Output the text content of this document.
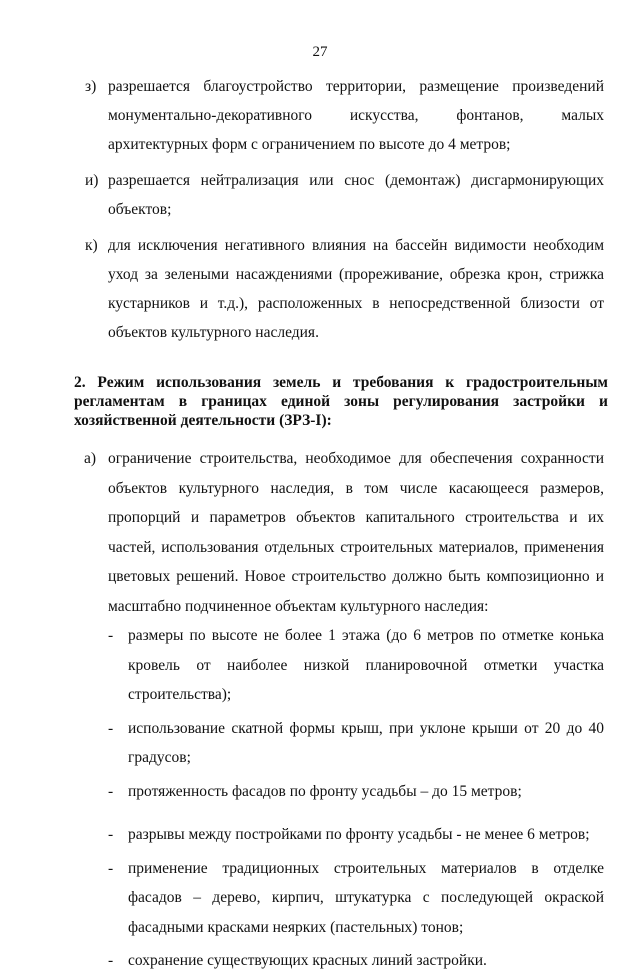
27
з) разрешается благоустройство территории, размещение произведений монументально-декоративного искусства, фонтанов, малых архитектурных форм с ограничением по высоте до 4 метров;
и) разрешается нейтрализация или снос (демонтаж) дисгармонирующих объектов;
к) для исключения негативного влияния на бассейн видимости необходим уход за зелеными насаждениями (прореживание, обрезка крон, стрижка кустарников и т.д.), расположенных в непосредственной близости от объектов культурного наследия.
2. Режим использования земель и требования к градостроительным регламентам в границах единой зоны регулирования застройки и хозяйственной деятельности (ЗРЗ-I):
а) ограничение строительства, необходимое для обеспечения сохранности объектов культурного наследия, в том числе касающееся размеров, пропорций и параметров объектов капитального строительства и их частей, использования отдельных строительных материалов, применения цветовых решений. Новое строительство должно быть композиционно и масштабно подчиненное объектам культурного наследия:
- размеры по высоте не более 1 этажа (до 6 метров по отметке конька кровель от наиболее низкой планировочной отметки участка строительства);
- использование скатной формы крыш, при уклоне крыши от 20 до 40 градусов;
- протяженность фасадов по фронту усадьбы – до 15 метров;
- разрывы между постройками по фронту усадьбы - не менее 6 метров;
- применение традиционных строительных материалов в отделке фасадов – дерево, кирпич, штукатурка с последующей окраской фасадными красками неярких (пастельных) тонов;
- сохранение существующих красных линий застройки.
